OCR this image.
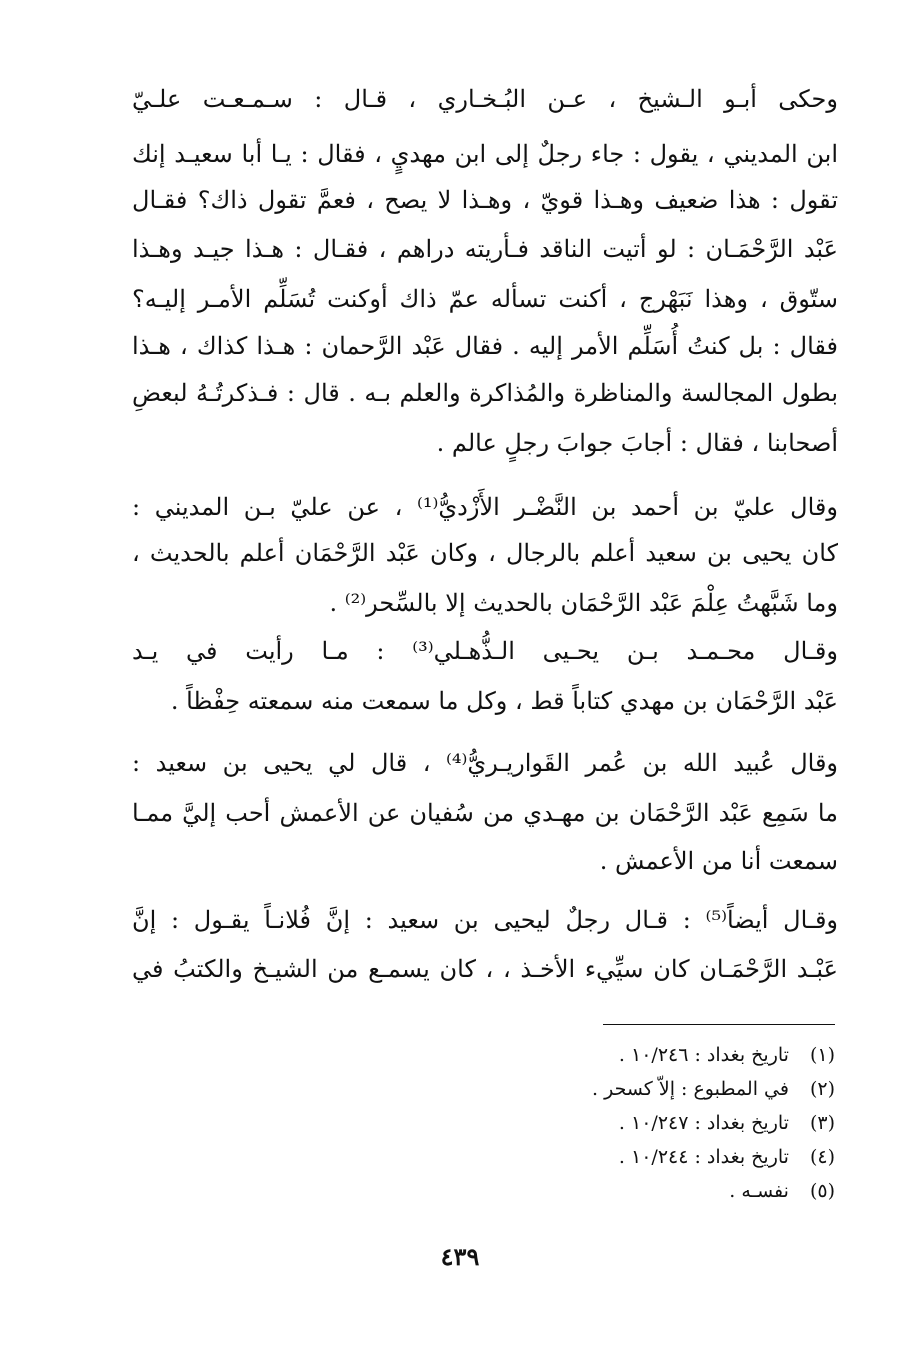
وحكى أبـو الـشيخ ، عـن البُـخـاري ، قـال : سـمـعـت علـيّ
ابن المديني ، يقول : جاء رجلٌ إلى ابن مهديٍ ، فقال : يـا أبا سعيـد إنك
تقول : هذا ضعيف وهـذا قويّ ، وهـذا لا يصح ، فعمَّ تقول ذاك؟ فقـال
عَبْد الرَّحْمَـان : لو أتيت الناقد فـأريته دراهم ، فقـال : هـذا جيـد وهـذا
ستّوق ، وهذا نَبَهْرج ، أكنت تسأله عمّ ذاك أوكنت تُسَلِّم الأمـر إليـه؟
فقال : بل كنتُ أُسَلِّم الأمر إليه . فقال عَبْد الرَّحمان : هـذا كذاك ، هـذا
بطول المجالسة والمناظرة والمُذاكرة والعلم بـه . قال : فـذكرتُـهُ لبعضِ
أصحابنا ، فقال : أجابَ جوابَ رجلٍ عالم .
وقال عليّ بن أحمد بن النَّضْـر الأَزْديُّ⁽¹⁾ ، عن عليّ بـن المديني :
كان يحيى بن سعيد أعلم بالرجال ، وكان عَبْد الرَّحْمَان أعلم بالحديث ،
وما شَبَّهتُ عِلْمَ عَبْد الرَّحْمَان بالحديث إلا بالسِّحر⁽²⁾ .
وقـال محـمـد بـن يحـيى الـذُّهـلي⁽³⁾ : مـا رأيت في يـد
عَبْد الرَّحْمَان بن مهدي كتاباً قط ، وكل ما سمعت منه سمعته حِفْظاً .
وقال عُبيد الله بن عُمر القَواريـريُّ⁽⁴⁾ ، قال لي يحيى بن سعيد :
ما سَمِع عَبْد الرَّحْمَان بن مهـدي من سُفيان عن الأعمش أحب إليَّ ممـا
سمعت أنا من الأعمش .
وقـال أيضاً⁽⁵⁾ : قـال رجلٌ ليحيى بن سعيد : إنَّ فُلانـاً يقـول : إنَّ
عَبْـد الرَّحْمَـان كان سيِّيء الأخـذ ، ، كان يسمـع من الشيـخ والكتبُ في
(١) تاريخ بغداد : ١٠/٢٤٦ .
(٢) في المطبوع : إلاّ كسحر .
(٣) تاريخ بغداد : ١٠/٢٤٧ .
(٤) تاريخ بغداد : ١٠/٢٤٤ .
(٥) نفسـه .
٤٣٩
